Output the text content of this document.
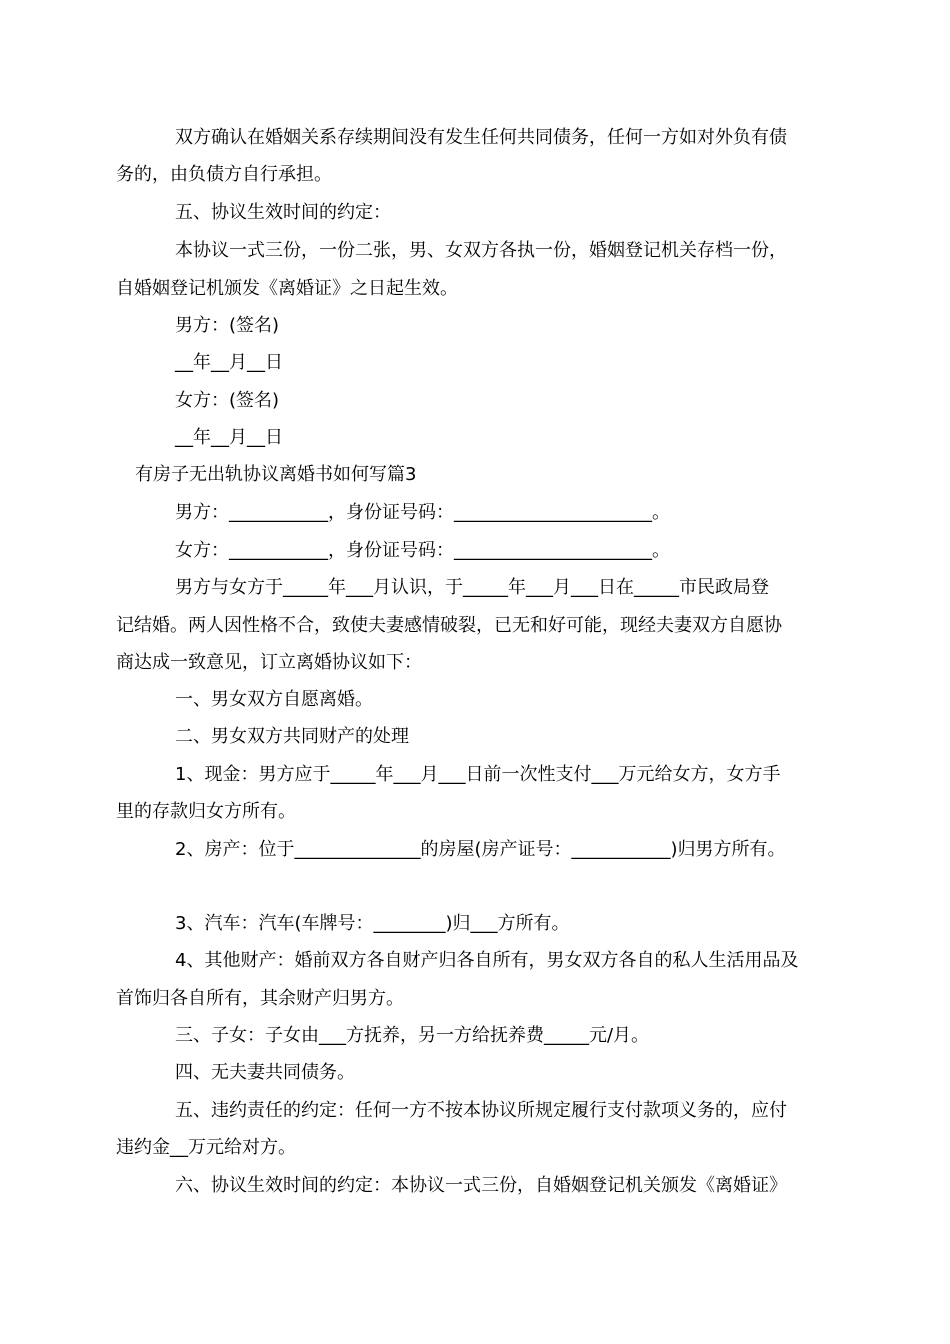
双方确认在婚姻关系存续期间没有发生任何共同债务，任何一方如对外负有债
务的，由负债方自行承担。
五、协议生效时间的约定：
本协议一式三份，一份二张，男、女双方各执一份，婚姻登记机关存档一份，
自婚姻登记机颁发《离婚证》之日起生效。
男方：(签名)
__年__月__日
女方：(签名)
__年__月__日
有房子无出轨协议离婚书如何写篇3
男方：___________，身份证号码：______________________。
女方：___________，身份证号码：______________________。
男方与女方于_____年___月认识，于_____年___月___日在_____市民政局登
记结婚。两人因性格不合，致使夫妻感情破裂，已无和好可能，现经夫妻双方自愿协
商达成一致意见，订立离婚协议如下：
一、男女双方自愿离婚。
二、男女双方共同财产的处理
1、现金：男方应于_____年___月___日前一次性支付___万元给女方，女方手
里的存款归女方所有。
2、房产：位于______________的房屋(房产证号：___________)归男方所有。
3、汽车：汽车(车牌号：________)归___方所有。
4、其他财产：婚前双方各自财产归各自所有，男女双方各自的私人生活用品及
首饰归各自所有，其余财产归男方。
三、子女：子女由___方抚养，另一方给抚养费_____元/月。
四、无夫妻共同债务。
五、违约责任的约定：任何一方不按本协议所规定履行支付款项义务的，应付
违约金__万元给对方。
六、协议生效时间的约定：本协议一式三份，自婚姻登记机关颁发《离婚证》
